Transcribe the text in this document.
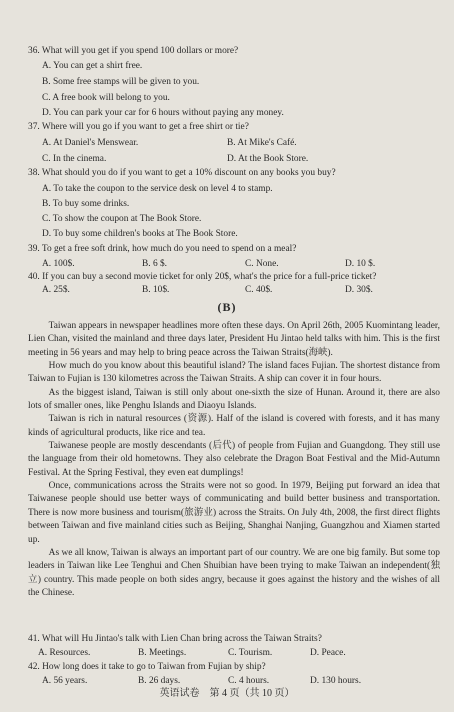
36. What will you get if you spend 100 dollars or more?
A. You can get a shirt free.
B. Some free stamps will be given to you.
C. A free book will belong to you.
D. You can park your car for 6 hours without paying any money.
37. Where will you go if you want to get a free shirt or tie?
A. At Daniel's Menswear.	B. At Mike's Café.
C. In the cinema.	D. At the Book Store.
38. What should you do if you want to get a 10% discount on any books you buy?
A. To take the coupon to the service desk on level 4 to stamp.
B. To buy some drinks.
C. To show the coupon at The Book Store.
D. To buy some children's books at The Book Store.
39. To get a free soft drink, how much do you need to spend on a meal?
A. 100$.	B. 6 $.	C. None.	D. 10 $.
40. If you can buy a second movie ticket for only 20$, what's the price for a full-price ticket?
(B)

Taiwan appears in newspaper headlines more often these days. On April 26th, 2005 Kuomintang leader, Lien Chan, visited the mainland and three days later, President Hu Jintao held talks with him. This is the first meeting in 56 years and may help to bring peace across the Taiwan Straits(海峡).

How much do you know about this beautiful island? The island faces Fujian. The shortest distance from Taiwan to Fujian is 130 kilometres across the Taiwan Straits. A ship can cover it in four hours.

As the biggest island, Taiwan is still only about one-sixth the size of Hunan. Around it, there are also lots of smaller ones, like Penghu Islands and Diaoyu Islands.

Taiwan is rich in natural resources (资源). Half of the island is covered with forests, and it has many kinds of agricultural products, like rice and tea.

Taiwanese people are mostly descendants (后代) of people from Fujian and Guangdong. They still use the language from their old hometowns. They also celebrate the Dragon Boat Festival and the Mid-Autumn Festival. At the Spring Festival, they even eat dumplings!

Once, communications across the Straits were not so good. In 1979, Beijing put forward an idea that Taiwanese people should use better ways of communicating and build better business and transportation. There is now more business and tourism(旅游业) across the Straits. On July 4th, 2008, the first direct flights between Taiwan and five mainland cities such as Beijing, Shanghai Nanjing, Guangzhou and Xiamen started up.

As we all know, Taiwan is always an important part of our country. We are one big family. But some top leaders in Taiwan like Lee Tenghui and Chen Shuibian have been trying to make Taiwan an independent(独立) country. This made people on both sides angry, because it goes against the history and the wishes of all the Chinese.

41. What will Hu Jintao's talk with Lien Chan bring across the Taiwan Straits?
A. Resources.	B. Meetings.	C. Tourism.	D. Peace.
42. How long does it take to go to Taiwan from Fujian by ship?
英语试卷　第 4 页（共 10 页）
A. 25$.	B. 10$.	C. 40$.	D. 30$.
A. 56 years.	B. 26 days.	C. 4 hours.	D. 130 hours.
